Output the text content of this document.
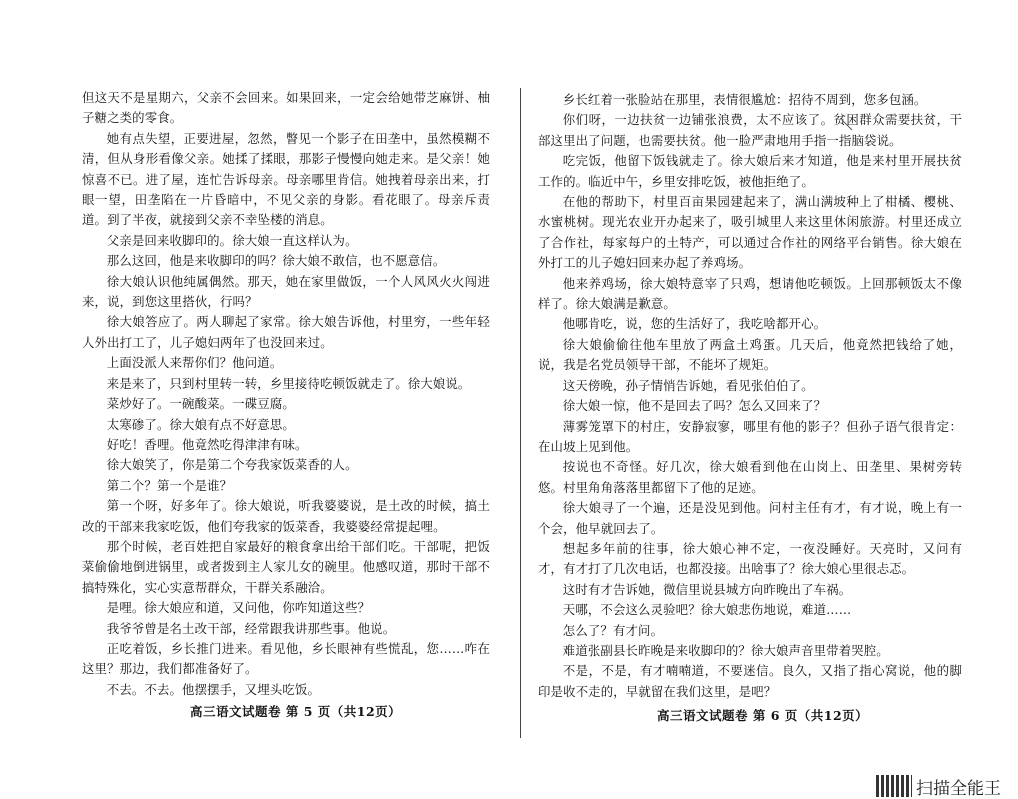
但这天不是星期六，父亲不会回来。如果回来，一定会给她带芝麻饼、柚子糖之类的零食。

她有点失望，正要进屋，忽然，瞥见一个影子在田垄中，虽然模糊不清，但从身形看像父亲。她揉了揉眼，那影子慢慢向她走来。是父亲！她惊喜不已。进了屋，连忙告诉母亲。母亲哪里肯信。她拽着母亲出来，打眼一望，田垄陷在一片昏暗中，不见父亲的身影。看花眼了。母亲斥责道。到了半夜，就接到父亲不幸坠楼的消息。

父亲是回来收脚印的。徐大娘一直这样认为。

那么这回，他是来收脚印的吗？徐大娘不敢信，也不愿意信。

徐大娘认识他纯属偶然。那天，她在家里做饭，一个人风风火火闯进来，说，到您这里搭伙，行吗？

徐大娘答应了。两人聊起了家常。徐大娘告诉他，村里穷，一些年轻人外出打工了，儿子媳妇两年了也没回来过。

上面没派人来帮你们？他问道。

来是来了，只到村里转一转，乡里接待吃顿饭就走了。徐大娘说。

菜炒好了。一碗酸菜。一碟豆腐。

太寒碜了。徐大娘有点不好意思。

好吃！香哩。他竟然吃得津津有味。

徐大娘笑了，你是第二个夸我家饭菜香的人。

第二个？第一个是谁？

第一个呀，好多年了。徐大娘说，听我婆婆说，是土改的时候，搞土改的干部来我家吃饭，他们夸我家的饭菜香，我婆婆经常提起哩。

那个时候，老百姓把自家最好的粮食拿出给干部们吃。干部呢，把饭菜偷偷地倒进锅里，或者拨到主人家儿女的碗里。他感叹道，那时干部不搞特殊化，实心实意帮群众，干群关系融洽。

是哩。徐大娘应和道，又问他，你咋知道这些？

我爷爷曾是名土改干部，经常跟我讲那些事。他说。

正吃着饭，乡长推门进来。看见他，乡长眼神有些慌乱，您……咋在这里？那边，我们都准备好了。

不去。不去。他摆摆手，又埋头吃饭。

高三语文试题卷 第 5 页（共12页）

乡长红着一张脸站在那里，表情很尴尬：招待不周到，您多包涵。

你们呀，一边扶贫一边铺张浪费，太不应该了。贫困群众需要扶贫，干部这里出了问题，也需要扶贫。他一脸严肃地用手指一指脑袋说。

吃完饭，他留下饭钱就走了。徐大娘后来才知道，他是来村里开展扶贫工作的。临近中午，乡里安排吃饭，被他拒绝了。

在他的帮助下，村里百亩果园建起来了，满山满坡种上了柑橘、樱桃、水蜜桃树。现光农业开办起来了，吸引城里人来这里休闲旅游。村里还成立了合作社，每家每户的土特产，可以通过合作社的网络平台销售。徐大娘在外打工的儿子媳妇回来办起了养鸡场。

他来养鸡场，徐大娘特意宰了只鸡，想请他吃顿饭。上回那顿饭太不像样了。徐大娘满是歉意。

他哪肯吃，说，您的生活好了，我吃啥都开心。

徐大娘偷偷往他车里放了两盒土鸡蛋。几天后，他竟然把钱给了她，说，我是名党员领导干部，不能坏了规矩。

这天傍晚，孙子情悄告诉她，看见张伯伯了。

徐大娘一惊，他不是回去了吗？怎么又回来了？

薄雾笼罩下的村庄，安静寂寥，哪里有他的影子？但孙子语气很肯定：在山坡上见到他。

按说也不奇怪。好几次，徐大娘看到他在山岗上、田垄里、果树旁转悠。村里角角落落里都留下了他的足迹。

徐大娘寻了一个遍，还是没见到他。问村主任有才，有才说，晚上有一个会，他早就回去了。

想起多年前的往事，徐大娘心神不定，一夜没睡好。天亮时，又问有才，有才打了几次电话，也都没接。出啥事了？徐大娘心里很忐忑。

这时有才告诉她，微信里说县城方向昨晚出了车祸。

天哪，不会这么灵验吧？徐大娘悲伤地说，难道……

怎么了？有才问。

难道张副县长昨晚是来收脚印的？徐大娘声音里带着哭腔。

不是，不是，有才喃喃道，不要迷信。良久，又指了指心窝说，他的脚印是收不走的，早就留在我们这里，是吧？

高三语文试题卷 第 6 页（共12页）
扫描全能王
